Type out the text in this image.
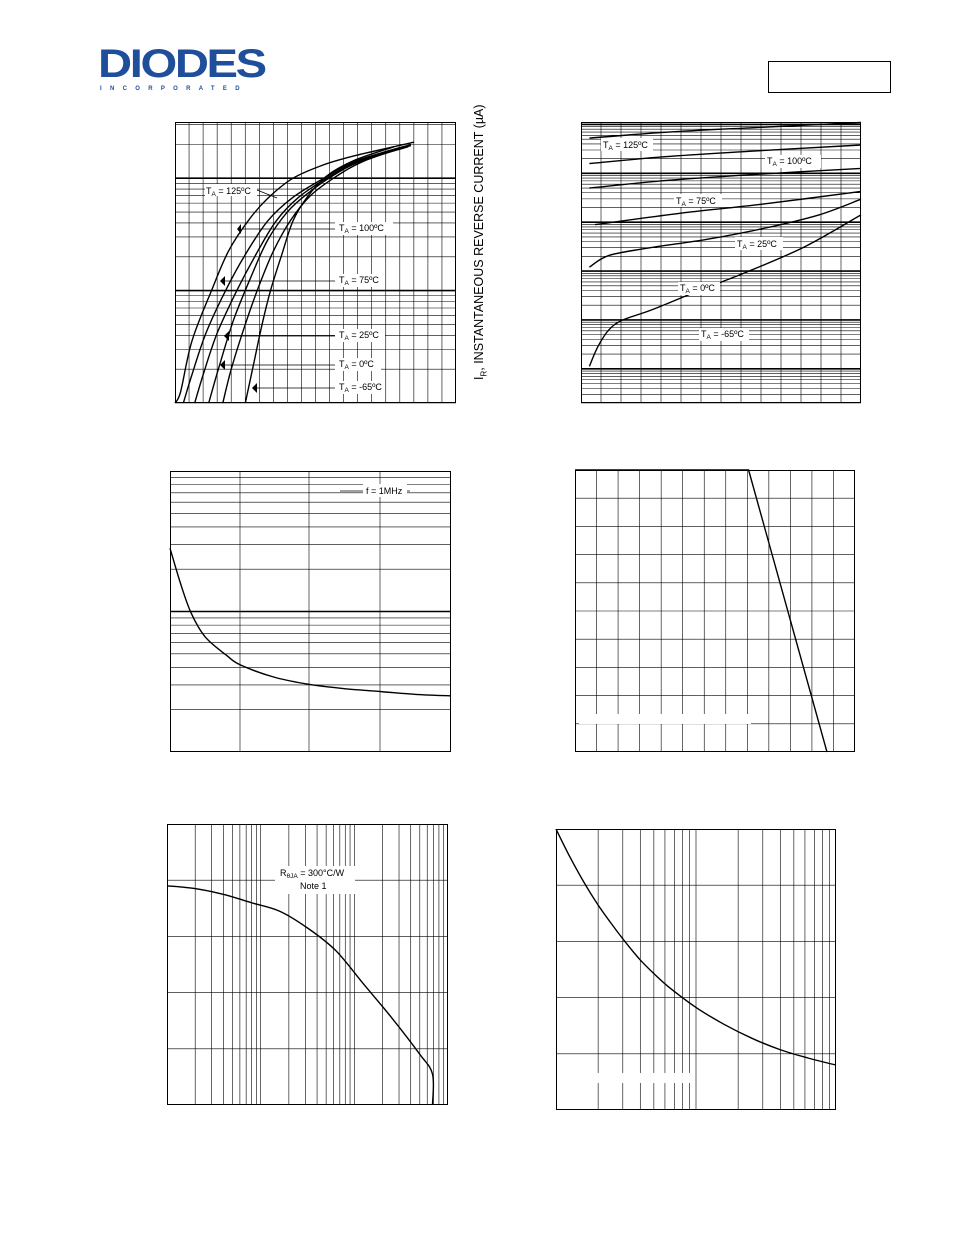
DIODES
INCORPORATED
$T_A$ = 125ºC
$T_A$ = 100ºC
$T_A$ = 75ºC
$T_A$ = 25ºC
$T_A$ = 0ºC
$T_A$ = -65ºC
$I_R$, INSTANTANEOUS REVERSE CURRENT (µA)	$T_A$ = 125ºC
$T_A$ = 100ºC
$T_A$ = 75ºC
$T_A$ = 25ºC
$T_A$ = 0ºC
$T_A$ = -65ºC
f = 1MHz
$R_{\theta JA} = 300^\circ C/W$
Note 1
